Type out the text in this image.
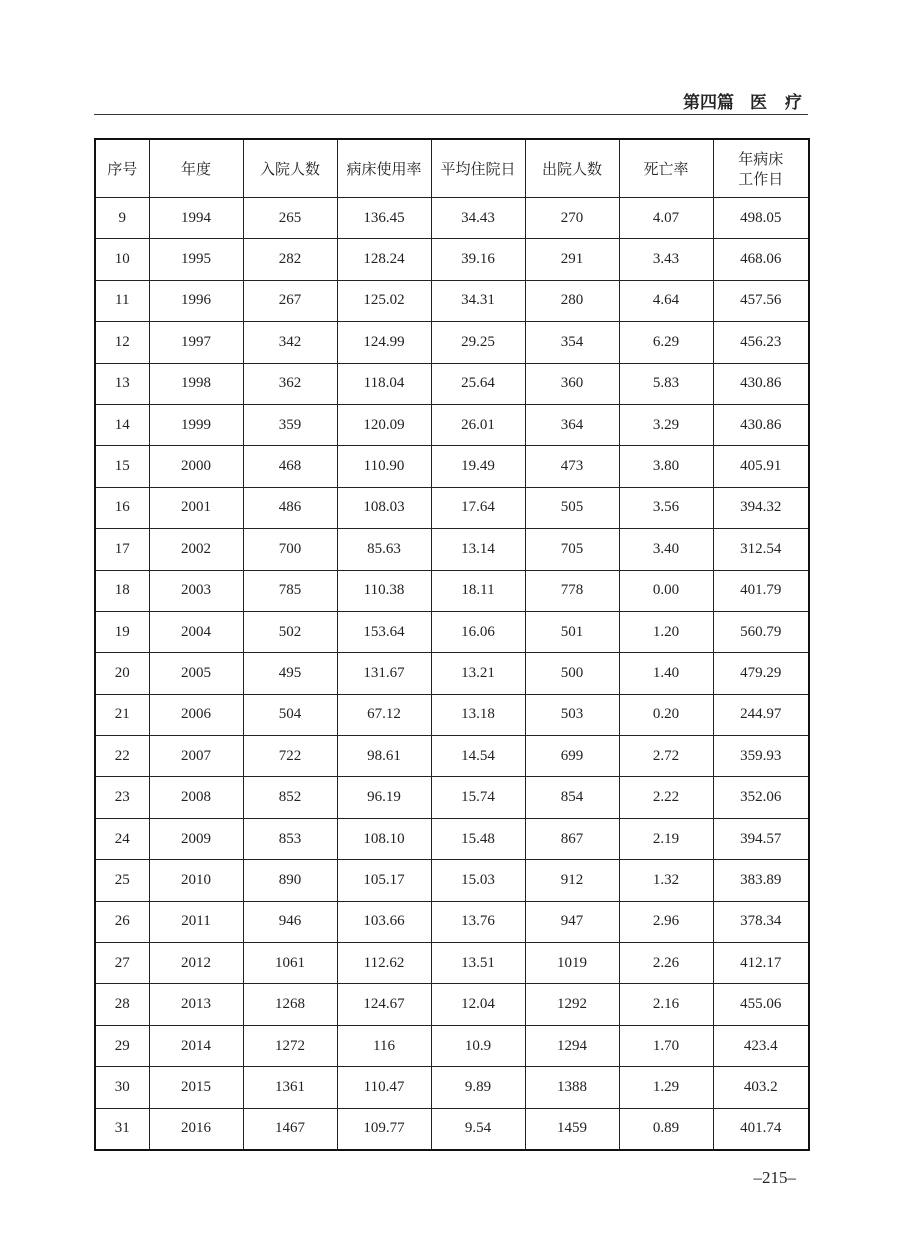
第四篇 医 疗
序号	年度	入院人数	病床使用率	平均住院日	出院人数	死亡率	年病床
工作日
9	1994	265	136.45	34.43	270	4.07	498.05
10	1995	282	128.24	39.16	291	3.43	468.06
11	1996	267	125.02	34.31	280	4.64	457.56
12	1997	342	124.99	29.25	354	6.29	456.23
13	1998	362	118.04	25.64	360	5.83	430.86
14	1999	359	120.09	26.01	364	3.29	430.86
15	2000	468	110.90	19.49	473	3.80	405.91
16	2001	486	108.03	17.64	505	3.56	394.32
17	2002	700	85.63	13.14	705	3.40	312.54
18	2003	785	110.38	18.11	778	0.00	401.79
19	2004	502	153.64	16.06	501	1.20	560.79
20	2005	495	131.67	13.21	500	1.40	479.29
21	2006	504	67.12	13.18	503	0.20	244.97
22	2007	722	98.61	14.54	699	2.72	359.93
23	2008	852	96.19	15.74	854	2.22	352.06
24	2009	853	108.10	15.48	867	2.19	394.57
25	2010	890	105.17	15.03	912	1.32	383.89
26	2011	946	103.66	13.76	947	2.96	378.34
27	2012	1061	112.62	13.51	1019	2.26	412.17
28	2013	1268	124.67	12.04	1292	2.16	455.06
29	2014	1272	116	10.9	1294	1.70	423.4
30	2015	1361	110.47	9.89	1388	1.29	403.2
31	2016	1467	109.77	9.54	1459	0.89	401.74
–215–
